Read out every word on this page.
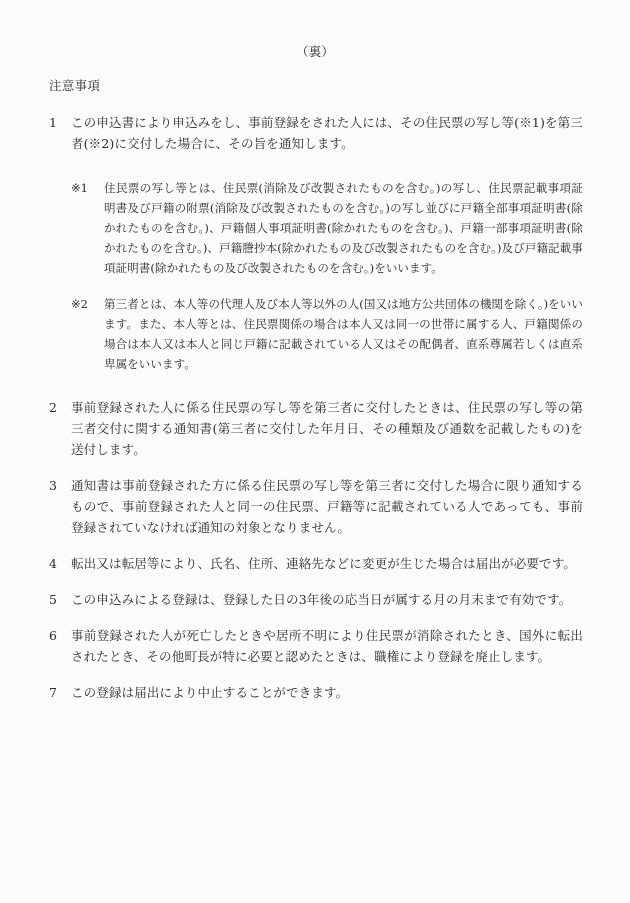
（裏）
注意事項
1	この申込書により申込みをし、事前登録をされた人には、その住民票の写し等(※1)を第三者(※2)に交付した場合に、その旨を通知します。
※1	住民票の写し等とは、住民票(消除及び改製されたものを含む。)の写し、住民票記載事項証明書及び戸籍の附票(消除及び改製されたものを含む。)の写し並びに戸籍全部事項証明書(除かれたものを含む。)、戸籍個人事項証明書(除かれたものを含む。)、戸籍一部事項証明書(除かれたものを含む。)、戸籍謄抄本(除かれたもの及び改製されたものを含む。)及び戸籍記載事項証明書(除かれたもの及び改製されたものを含む。)をいいます。
※2	第三者とは、本人等の代理人及び本人等以外の人(国又は地方公共団体の機関を除く。)をいいます。また、本人等とは、住民票関係の場合は本人又は同一の世帯に属する人、戸籍関係の場合は本人又は本人と同じ戸籍に記載されている人又はその配偶者、直系尊属若しくは直系卑属をいいます。
2	事前登録された人に係る住民票の写し等を第三者に交付したときは、住民票の写し等の第三者交付に関する通知書(第三者に交付した年月日、その種類及び通数を記載したもの)を送付します。
3	通知書は事前登録された方に係る住民票の写し等を第三者に交付した場合に限り通知するもので、事前登録された人と同一の住民票、戸籍等に記載されている人であっても、事前登録されていなければ通知の対象となりません。
4	転出又は転居等により、氏名、住所、連絡先などに変更が生じた場合は届出が必要です。
5	この申込みによる登録は、登録した日の3年後の応当日が属する月の月末まで有効です。
6	事前登録された人が死亡したときや居所不明により住民票が消除されたとき、国外に転出されたとき、その他町長が特に必要と認めたときは、職権により登録を廃止します。
7	この登録は届出により中止することができます。
